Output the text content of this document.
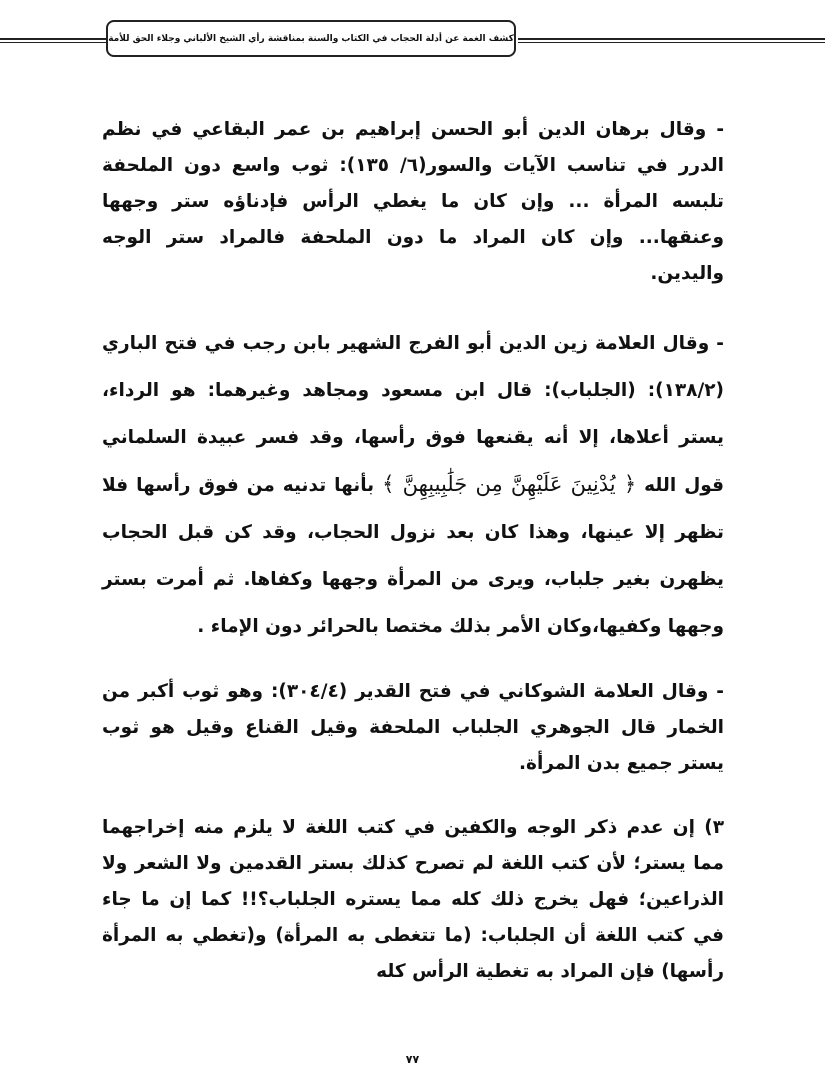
كشف الغمة عن أدلة الحجاب في الكتاب والسنة بمناقشة رأي الشيخ الألباني وجلاء الحق للأمة

- وقال برهان الدين أبو الحسن إبراهيم بن عمر البقاعي في نظم الدرر في تناسب الآيات والسور(٦/ ١٣٥): ثوب واسع دون الملحفة تلبسه المرأة ... وإن كان ما يغطي الرأس فإدناؤه ستر وجهها وعنقها... وإن كان المراد ما دون الملحفة فالمراد ستر الوجه واليدين.

- وقال العلامة زين الدين أبو الفرج الشهير بابن رجب في فتح الباري (١٣٨/٢): (الجلباب): قال ابن مسعود ومجاهد وغيرهما: هو الرداء، يستر أعلاها، إلا أنه يقنعها فوق رأسها، وقد فسر عبيدة السلماني قول الله ﴿ يُدْنِينَ عَلَيْهِنَّ مِن جَلَٰبِيبِهِنَّ ﴾ بأنها تدنيه من فوق رأسها فلا تظهر إلا عينها، وهذا كان بعد نزول الحجاب، وقد كن قبل الحجاب يظهرن بغير جلباب، ويرى من المرأة وجهها وكفاها. ثم أمرت بستر وجهها وكفيها،وكان الأمر بذلك مختصا بالحرائر دون الإماء .

- وقال العلامة الشوكاني في فتح القدير (٣٠٤/٤): وهو ثوب أكبر من الخمار قال الجوهري الجلباب الملحفة وقيل القناع وقيل هو ثوب يستر جميع بدن المرأة.

٣) إن عدم ذكر الوجه والكفين في كتب اللغة لا يلزم منه إخراجهما مما يستر؛ لأن كتب اللغة لم تصرح كذلك بستر القدمين ولا الشعر ولا الذراعين؛ فهل يخرج ذلك كله مما يستره الجلباب؟!! كما إن ما جاء في كتب اللغة أن الجلباب: (ما تتغطى به المرأة) و(تغطي به المرأة رأسها) فإن المراد به تغطية الرأس كله

٧٧
